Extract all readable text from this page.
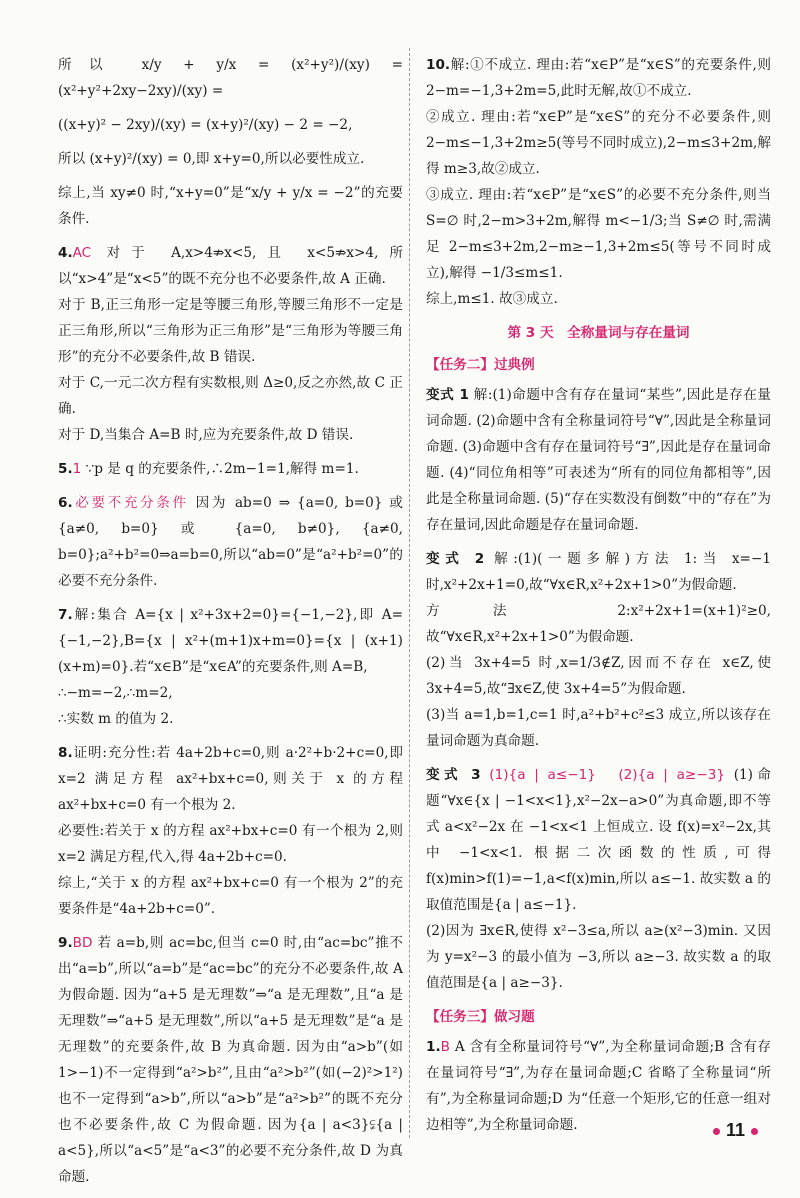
所以 x/y + y/x = (x²+y²)/(xy) = (x²+y²+2xy−2xy)/(xy) =

((x+y)² − 2xy)/(xy) = (x+y)²/(xy) − 2 = −2,

所以 (x+y)²/(xy) = 0,即 x+y=0,所以必要性成立.

综上,当 xy≠0 时,“x+y=0”是“x/y + y/x = −2”的充要条件.

4.AC 对于 A,x>4⇏x<5,且 x<5⇏x>4,所以“x>4”是“x<5”的既不充分也不必要条件,故 A 正确.
对于 B,正三角形一定是等腰三角形,等腰三角形不一定是正三角形,所以“三角形为正三角形”是“三角形为等腰三角形”的充分不必要条件,故 B 错误.
对于 C,一元二次方程有实数根,则 Δ≥0,反之亦然,故 C 正确.
对于 D,当集合 A=B 时,应为充要条件,故 D 错误.

5.1 ∵p 是 q 的充要条件,∴2m−1=1,解得 m=1.

6.必要不充分条件 因为 ab=0 ⇒ {a=0, b=0} 或 {a≠0, b=0} 或 {a=0, b≠0}, {a≠0, b=0};a²+b²=0⇒a=b=0,所以“ab=0”是“a²+b²=0”的必要不充分条件.

7.解:集合 A={x | x²+3x+2=0}={−1,−2},即 A={−1,−2},B={x | x²+(m+1)x+m=0}={x | (x+1)(x+m)=0}.若“x∈B”是“x∈A”的充要条件,则 A=B,
∴−m=−2,∴m=2,
∴实数 m 的值为 2.

8.证明:充分性:若 4a+2b+c=0,则 a·2²+b·2+c=0,即 x=2 满足方程 ax²+bx+c=0,则关于 x 的方程 ax²+bx+c=0 有一个根为 2.
必要性:若关于 x 的方程 ax²+bx+c=0 有一个根为 2,则 x=2 满足方程,代入,得 4a+2b+c=0.
综上,“关于 x 的方程 ax²+bx+c=0 有一个根为 2”的充要条件是“4a+2b+c=0”.

9.BD 若 a=b,则 ac=bc,但当 c=0 时,由“ac=bc”推不出“a=b”,所以“a=b”是“ac=bc”的充分不必要条件,故 A 为假命题. 因为“a+5 是无理数”⇒“a 是无理数”,且“a 是无理数”⇒“a+5 是无理数”,所以“a+5 是无理数”是“a 是无理数”的充要条件,故 B 为真命题. 因为由“a>b”(如 1>−1)不一定得到“a²>b²”,且由“a²>b²”(如(−2)²>1²)也不一定得到“a>b”,所以“a>b”是“a²>b²”的既不充分也不必要条件,故 C 为假命题. 因为{a | a<3}⫋{a | a<5},所以“a<5”是“a<3”的必要不充分条件,故 D 为真命题.

10.解:①不成立. 理由:若“x∈P”是“x∈S”的充要条件,则 2−m=−1,3+2m=5,此时无解,故①不成立.
②成立. 理由:若“x∈P”是“x∈S”的充分不必要条件,则 2−m≤−1,3+2m≥5(等号不同时成立),2−m≤3+2m,解得 m≥3,故②成立.
③成立. 理由:若“x∈P”是“x∈S”的必要不充分条件,则当 S=∅ 时,2−m>3+2m,解得 m<−1/3;当 S≠∅ 时,需满足 2−m≤3+2m,2−m≥−1,3+2m≤5(等号不同时成立),解得 −1/3≤m≤1.
综上,m≤1. 故③成立.

第 3 天　全称量词与存在量词
【任务二】过典例

变式 1 解:(1)命题中含有存在量词“某些”,因此是存在量词命题. (2)命题中含有全称量词符号“∀”,因此是全称量词命题. (3)命题中含有存在量词符号“∃”,因此是存在量词命题. (4)“同位角相等”可表述为“所有的同位角都相等”,因此是全称量词命题. (5)“存在实数没有倒数”中的“存在”为存在量词,因此命题是存在量词命题.

变式 2 解:(1)(一题多解)方法 1:当 x=−1 时,x²+2x+1=0,故“∀x∈R,x²+2x+1>0”为假命题.
方法 2:x²+2x+1=(x+1)²≥0,故“∀x∈R,x²+2x+1>0”为假命题.
(2)当 3x+4=5 时,x=1/3∉Z,因而不存在 x∈Z,使 3x+4=5,故“∃x∈Z,使 3x+4=5”为假命题.
(3)当 a=1,b=1,c=1 时,a²+b²+c²≤3 成立,所以该存在量词命题为真命题.

变式 3 (1){a | a≤−1}　(2){a | a≥−3} (1)命题“∀x∈{x | −1<x<1},x²−2x−a>0”为真命题,即不等式 a<x²−2x 在 −1<x<1 上恒成立. 设 f(x)=x²−2x,其中 −1<x<1. 根据二次函数的性质,可得 f(x)min>f(1)=−1,a<f(x)min,所以 a≤−1. 故实数 a 的取值范围是{a | a≤−1}.
(2)因为 ∃x∈R,使得 x²−3≤a,所以 a≥(x²−3)min. 又因为 y=x²−3 的最小值为 −3,所以 a≥−3. 故实数 a 的取值范围是{a | a≥−3}.

【任务三】做习题

1.B A 含有全称量词符号“∀”,为全称量词命题;B 含有存在量词符号“∃”,为存在量词命题;C 省略了全称量词“所有”,为全称量词命题;D 为“任意一个矩形,它的任意一组对边相等”,为全称量词命题.	11
